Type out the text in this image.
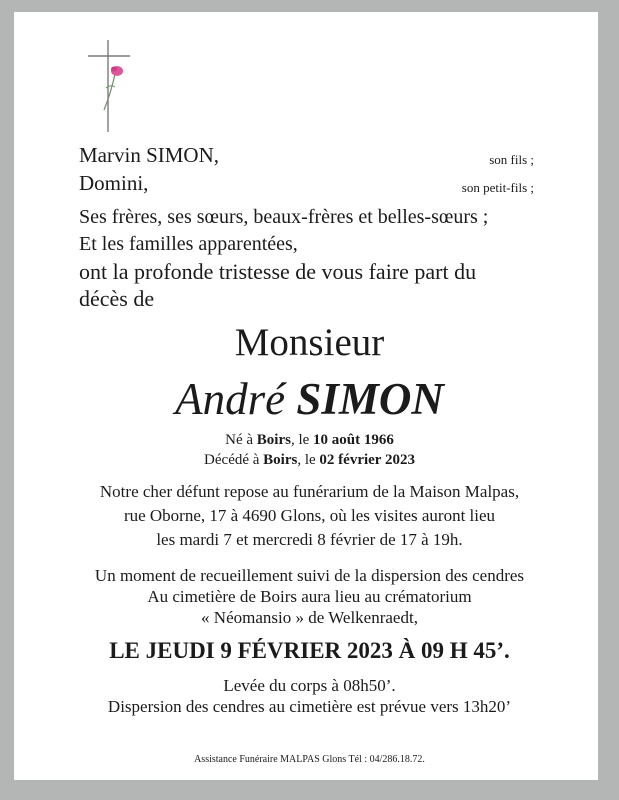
Marvin SIMON,	son fils ;
Domini,	son petit-fils ;
Ses frères, ses sœurs, beaux-frères et belles-sœurs ;
Et les familles apparentées,
ont la profonde tristesse de vous faire part du
décès de
Monsieur
André SIMON
Né à Boirs, le 10 août 1966
Décédé à Boirs, le 02 février 2023
Notre cher défunt repose au funérarium de la Maison Malpas,
rue Oborne, 17 à 4690 Glons, où les visites auront lieu
les mardi 7 et mercredi 8 février de 17 à 19h.
Un moment de recueillement suivi de la dispersion des cendres
Au cimetière de Boirs aura lieu au crématorium
« Néomansio » de Welkenraedt,
LE JEUDI 9 FÉVRIER 2023 À 09 H 45’.
Levée du corps à 08h50’.
Dispersion des cendres au cimetière est prévue vers 13h20’
Assistance Funéraire MALPAS Glons Tél : 04/286.18.72.
